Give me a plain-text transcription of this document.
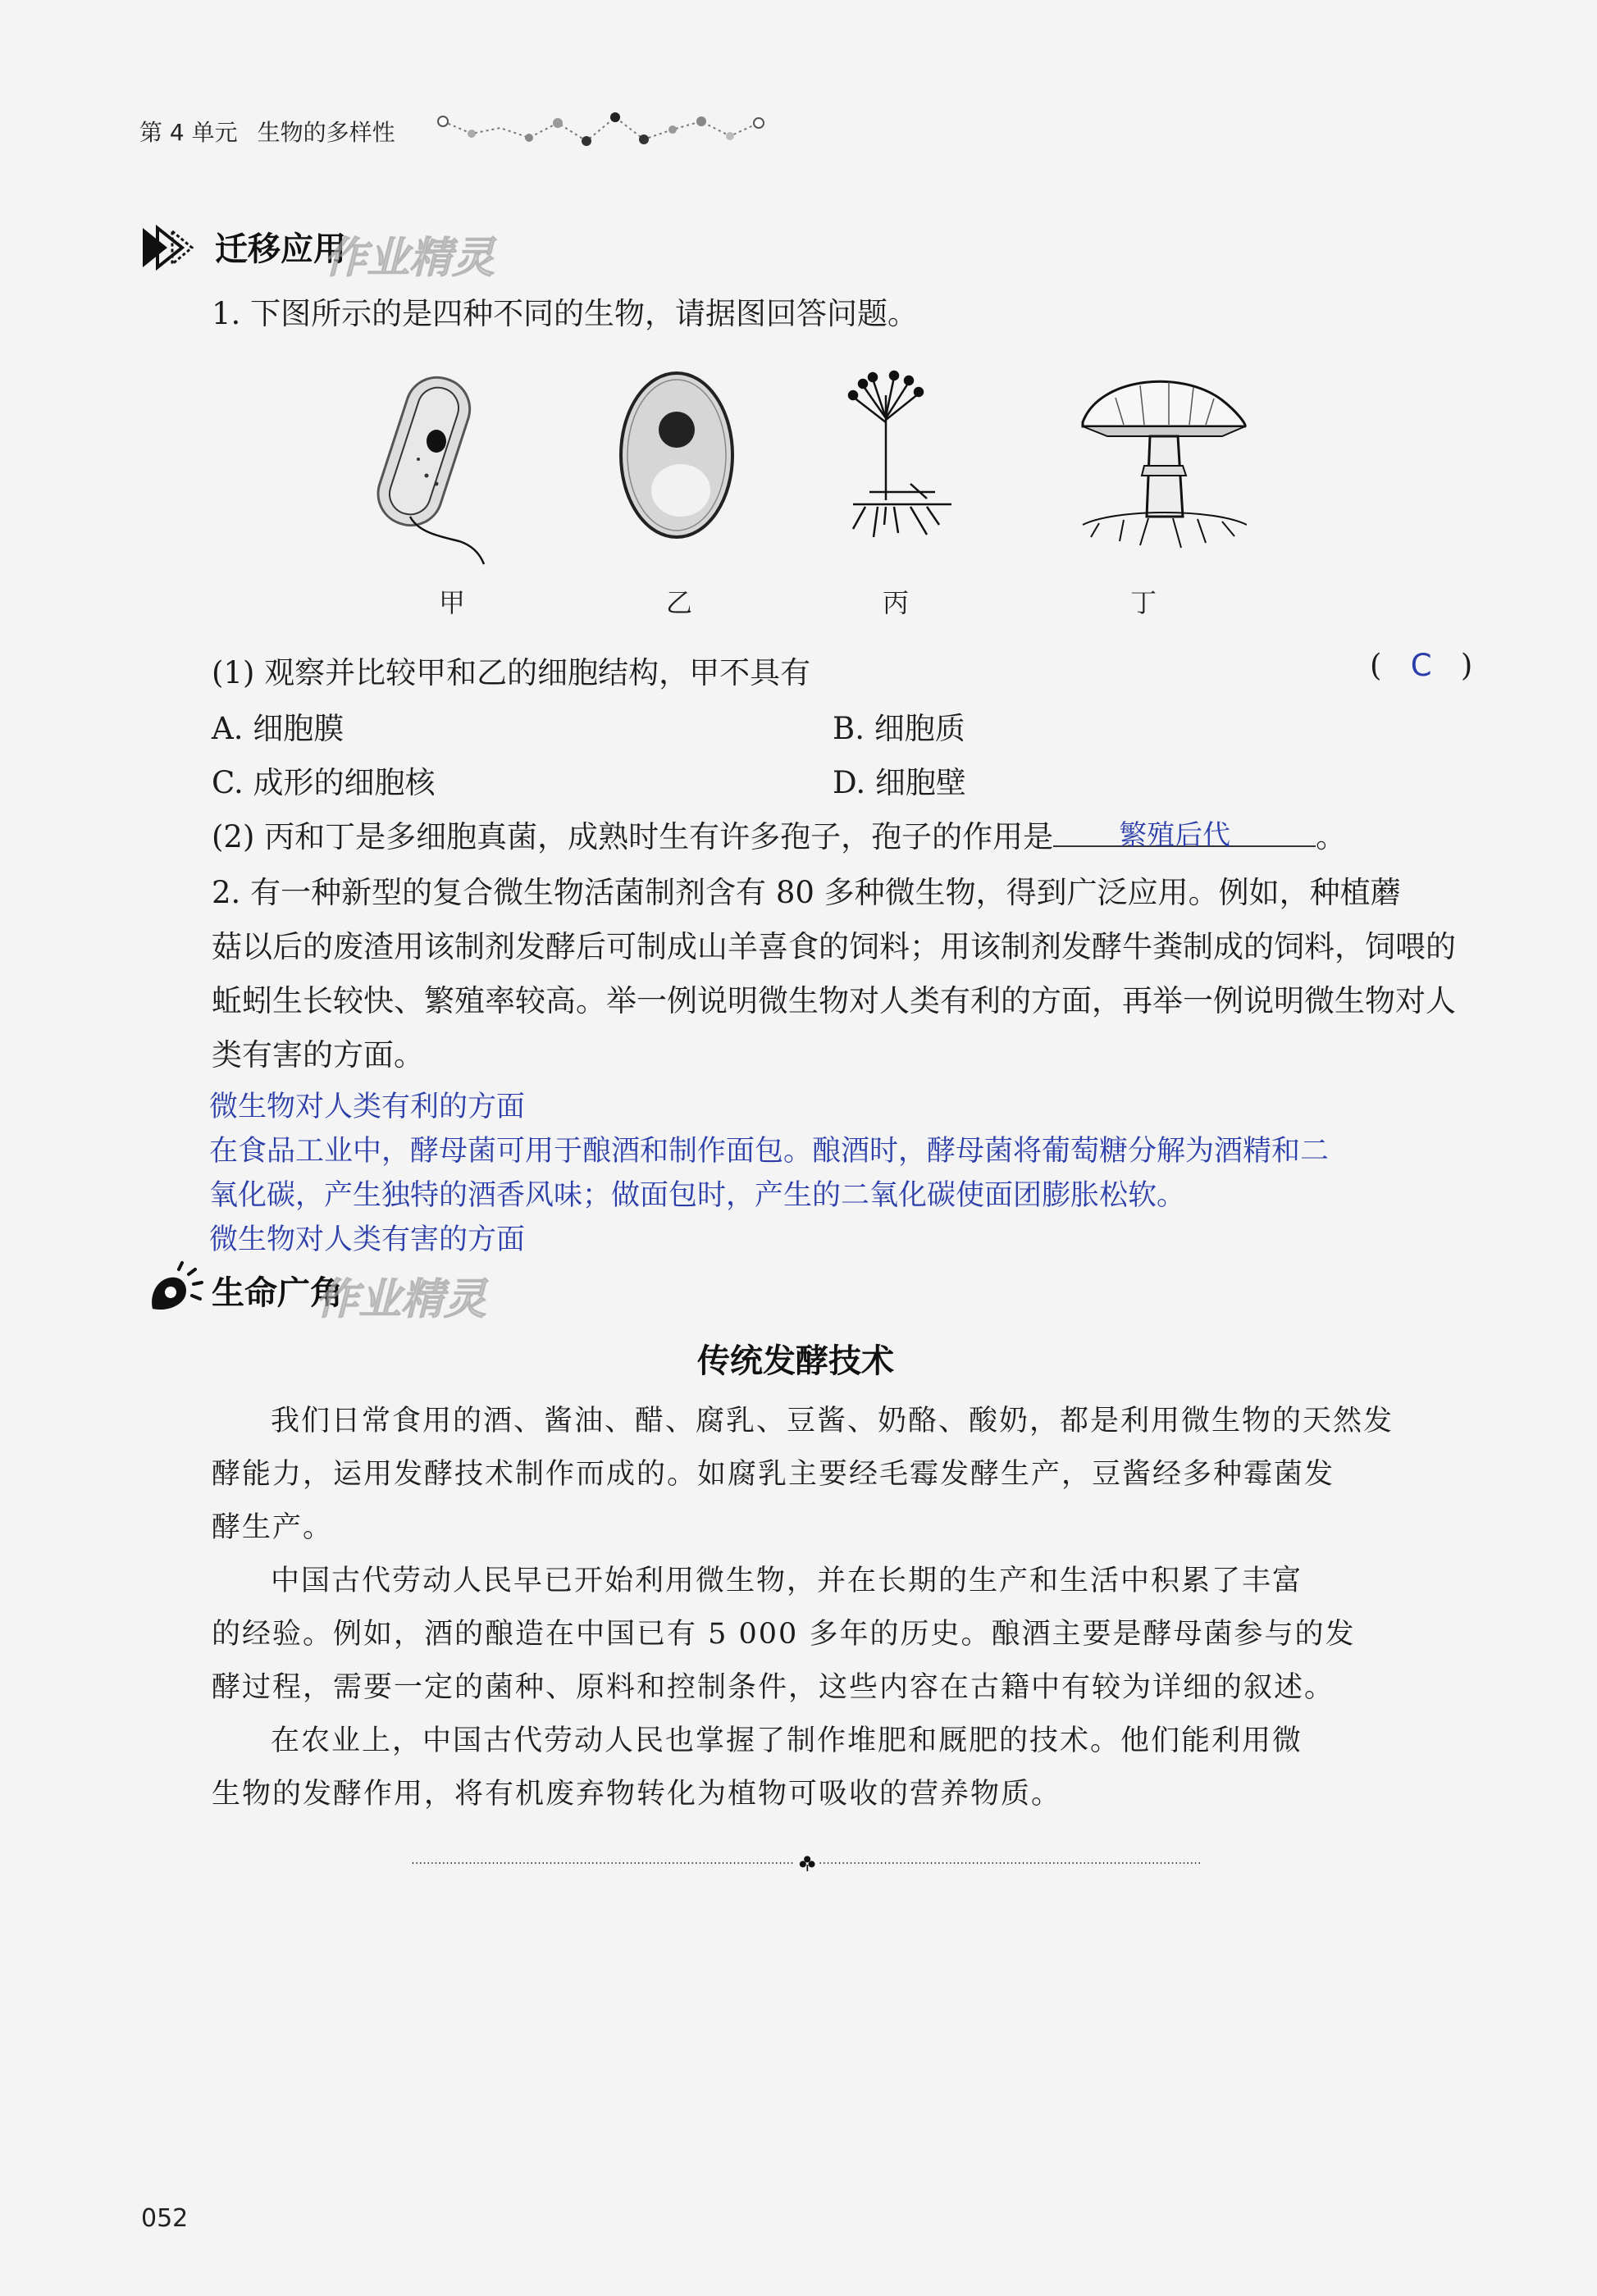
第 4 单元 生物的多样性
迁移应用
作业精灵
1. 下图所示的是四种不同的生物，请据图回答问题。
甲	乙	丙	丁
(1) 观察并比较甲和乙的细胞结构，甲不具有	(   C   )
A. 细胞膜	B. 细胞质
C. 成形的细胞核	D. 细胞壁
(2) 丙和丁是多细胞真菌，成熟时生有许多孢子，孢子的作用是 繁殖后代	。
2. 有一种新型的复合微生物活菌制剂含有 80 多种微生物，得到广泛应用。例如，种植蘑
菇以后的废渣用该制剂发酵后可制成山羊喜食的饲料；用该制剂发酵牛粪制成的饲料，饲喂的
蚯蚓生长较快、繁殖率较高。举一例说明微生物对人类有利的方面，再举一例说明微生物对人
类有害的方面。
微生物对人类有利的方面
在食品工业中，酵母菌可用于酿酒和制作面包。酿酒时，酵母菌将葡萄糖分解为酒精和二
氧化碳，产生独特的酒香风味；做面包时，产生的二氧化碳使面团膨胀松软。
微生物对人类有害的方面
生命广角
作业精灵
传统发酵技术
我们日常食用的酒、酱油、醋、腐乳、豆酱、奶酪、酸奶，都是利用微生物的天然发
酵能力，运用发酵技术制作而成的。如腐乳主要经毛霉发酵生产，豆酱经多种霉菌发
酵生产。
中国古代劳动人民早已开始利用微生物，并在长期的生产和生活中积累了丰富
的经验。例如，酒的酿造在中国已有 5 000 多年的历史。酿酒主要是酵母菌参与的发
酵过程，需要一定的菌种、原料和控制条件，这些内容在古籍中有较为详细的叙述。
在农业上，中国古代劳动人民也掌握了制作堆肥和厩肥的技术。他们能利用微
生物的发酵作用，将有机废弃物转化为植物可吸收的营养物质。
052
